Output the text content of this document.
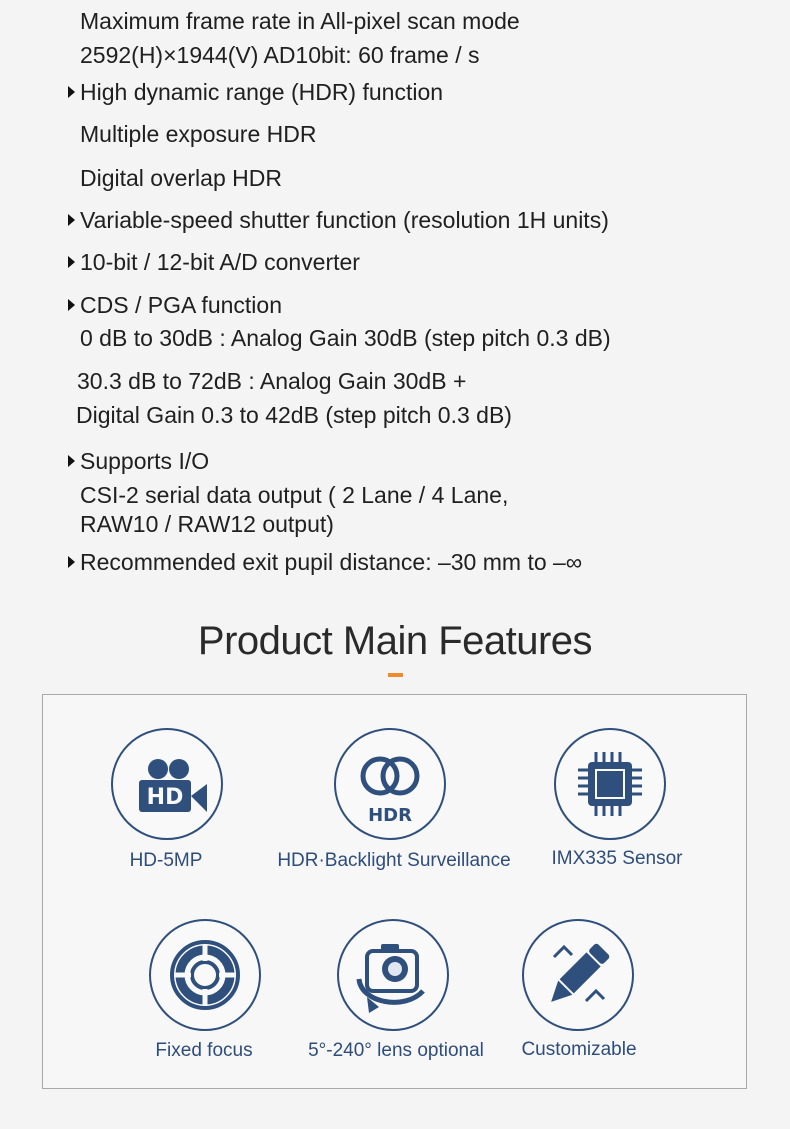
Maximum frame rate in All-pixel scan mode
2592(H)×1944(V) AD10bit: 60 frame / s
High dynamic range (HDR) function
Multiple exposure HDR
Digital overlap HDR
Variable-speed shutter function (resolution 1H units)
10-bit / 12-bit A/D converter
CDS / PGA function
0 dB to 30dB : Analog Gain 30dB (step pitch 0.3 dB)
30.3 dB to 72dB : Analog Gain 30dB +
Digital Gain 0.3 to 42dB (step pitch 0.3 dB)
Supports I/O
CSI-2 serial data output ( 2 Lane / 4 Lane,
RAW10 / RAW12 output)
Recommended exit pupil distance: –30 mm to –∞
Product Main Features
HD
HD-5MP
HDR
HDR·Backlight Surveillance	IMX335 Sensor
Fixed focus	5°-240° lens optional	Customizable
